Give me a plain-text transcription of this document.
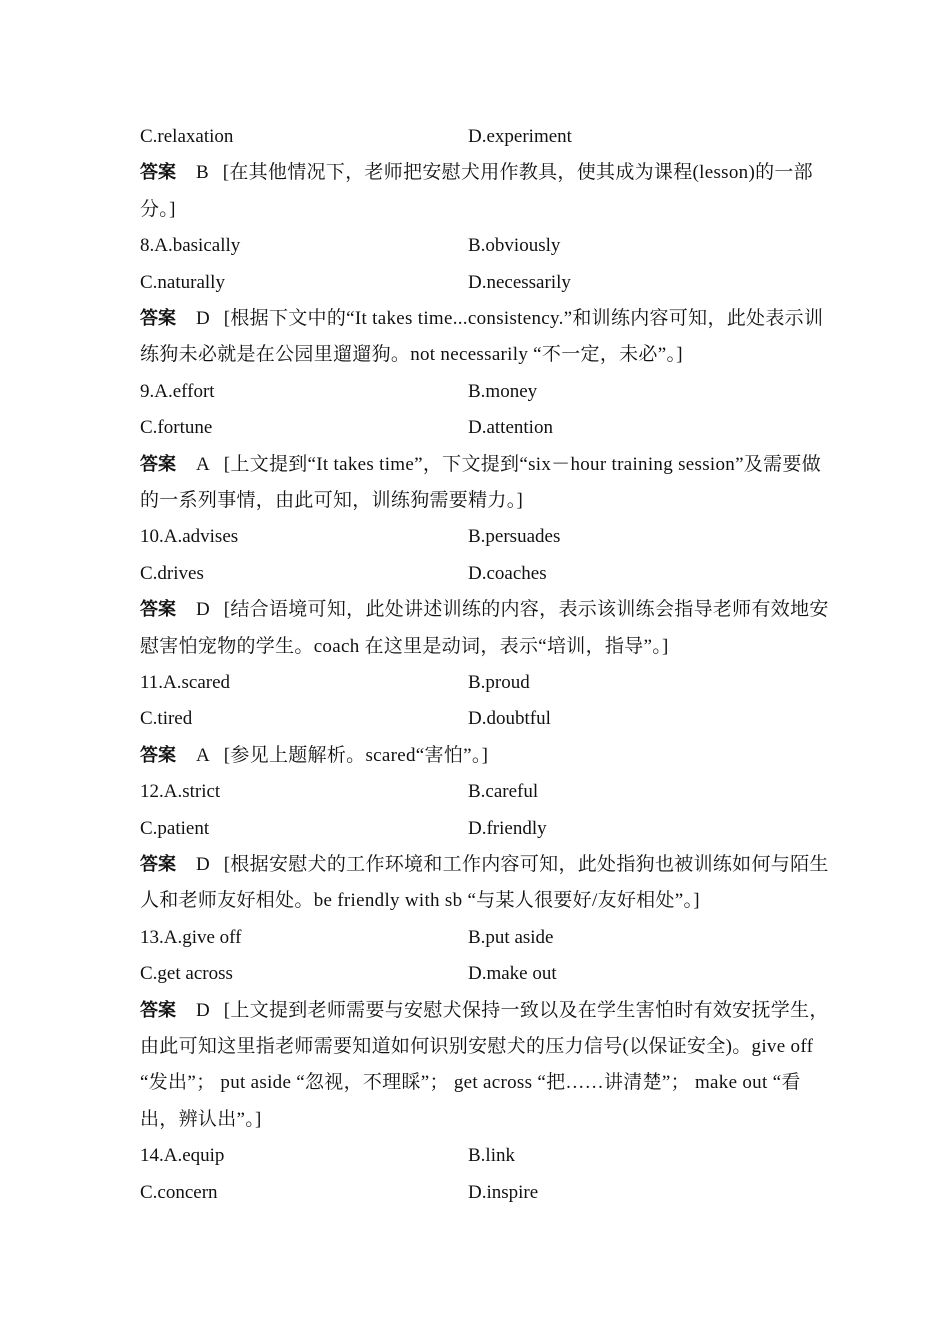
C.relaxation	D.experiment
答案 B [在其他情况下，老师把安慰犬用作教具，使其成为课程(lesson)的一部分。]
8.A.basically	B.obviously
C.naturally	D.necessarily
答案 D [根据下文中的“It takes time...consistency.”和训练内容可知，此处表示训练狗未必就是在公园里遛遛狗。not necessarily “不一定，未必”。]
9.A.effort	B.money
C.fortune	D.attention
答案 A [上文提到“It takes time”，下文提到“six－hour training session”及需要做的一系列事情，由此可知，训练狗需要精力。]
10.A.advises	B.persuades
C.drives	D.coaches
答案 D [结合语境可知，此处讲述训练的内容，表示该训练会指导老师有效地安慰害怕宠物的学生。coach 在这里是动词，表示“培训，指导”。]
11.A.scared	B.proud
C.tired	D.doubtful
答案 A [参见上题解析。scared“害怕”。]
12.A.strict	B.careful
C.patient	D.friendly
答案 D [根据安慰犬的工作环境和工作内容可知，此处指狗也被训练如何与陌生人和老师友好相处。be friendly with sb “与某人很要好/友好相处”。]
13.A.give off	B.put aside
C.get across	D.make out
答案 D [上文提到老师需要与安慰犬保持一致以及在学生害怕时有效安抚学生，由此可知这里指老师需要知道如何识别安慰犬的压力信号(以保证安全)。give off “发出”； put aside “忽视，不理睬”； get across “把……讲清楚”； make out “看出，辨认出”。]
14.A.equip	B.link
C.concern	D.inspire
